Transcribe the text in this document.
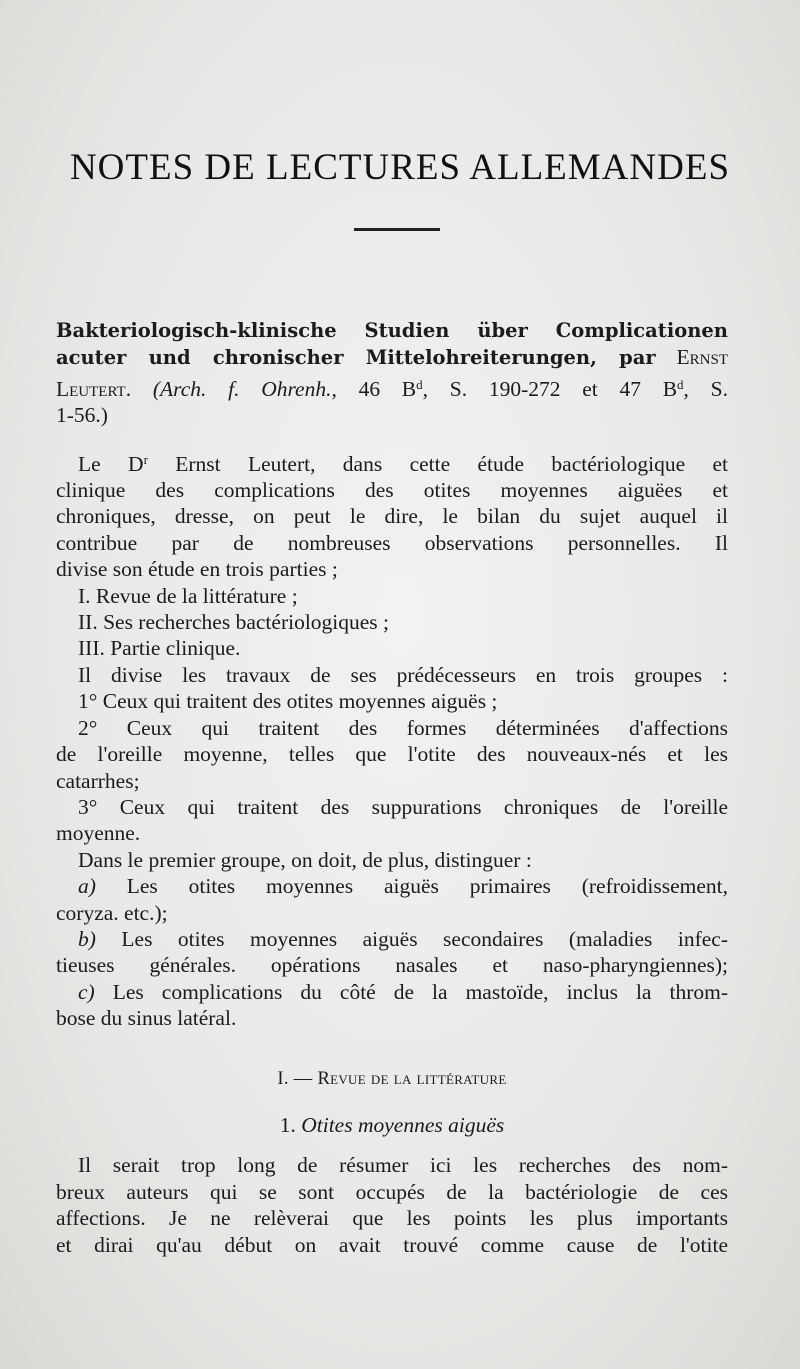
NOTES DE LECTURES ALLEMANDES

Bakteriologisch-klinische Studien über Complicationen

acuter und chronischer Mittelohreiterungen, par Ernst

Leutert. (Arch. f. Ohrenh., 46 $B^d$, S. 190-272 et 47 $B^d$, S.

1-56.)

Le $D^r$ Ernst Leutert, dans cette étude bactériologique et

clinique des complications des otites moyennes aiguëes et

chroniques, dresse, on peut le dire, le bilan du sujet auquel il

contribue par de nombreuses observations personnelles. Il

divise son étude en trois parties ;

I. Revue de la littérature ;

II. Ses recherches bactériologiques ;

III. Partie clinique.

Il divise les travaux de ses prédécesseurs en trois groupes :

1° Ceux qui traitent des otites moyennes aiguës ;

2° Ceux qui traitent des formes déterminées d'affections

de l'oreille moyenne, telles que l'otite des nouveaux-nés et les

catarrhes;

3° Ceux qui traitent des suppurations chroniques de l'oreille

moyenne.

Dans le premier groupe, on doit, de plus, distinguer :

a) Les otites moyennes aiguës primaires (refroidissement,

coryza. etc.);

b) Les otites moyennes aiguës secondaires (maladies infec-

tieuses générales. opérations nasales et naso-pharyngiennes);

c) Les complications du côté de la mastoïde, inclus la throm-

bose du sinus latéral.

I. — Revue de la littérature

1. Otites moyennes aiguës

Il serait trop long de résumer ici les recherches des nom-

breux auteurs qui se sont occupés de la bactériologie de ces

affections. Je ne relèverai que les points les plus importants

et dirai qu'au début on avait trouvé comme cause de l'otite
